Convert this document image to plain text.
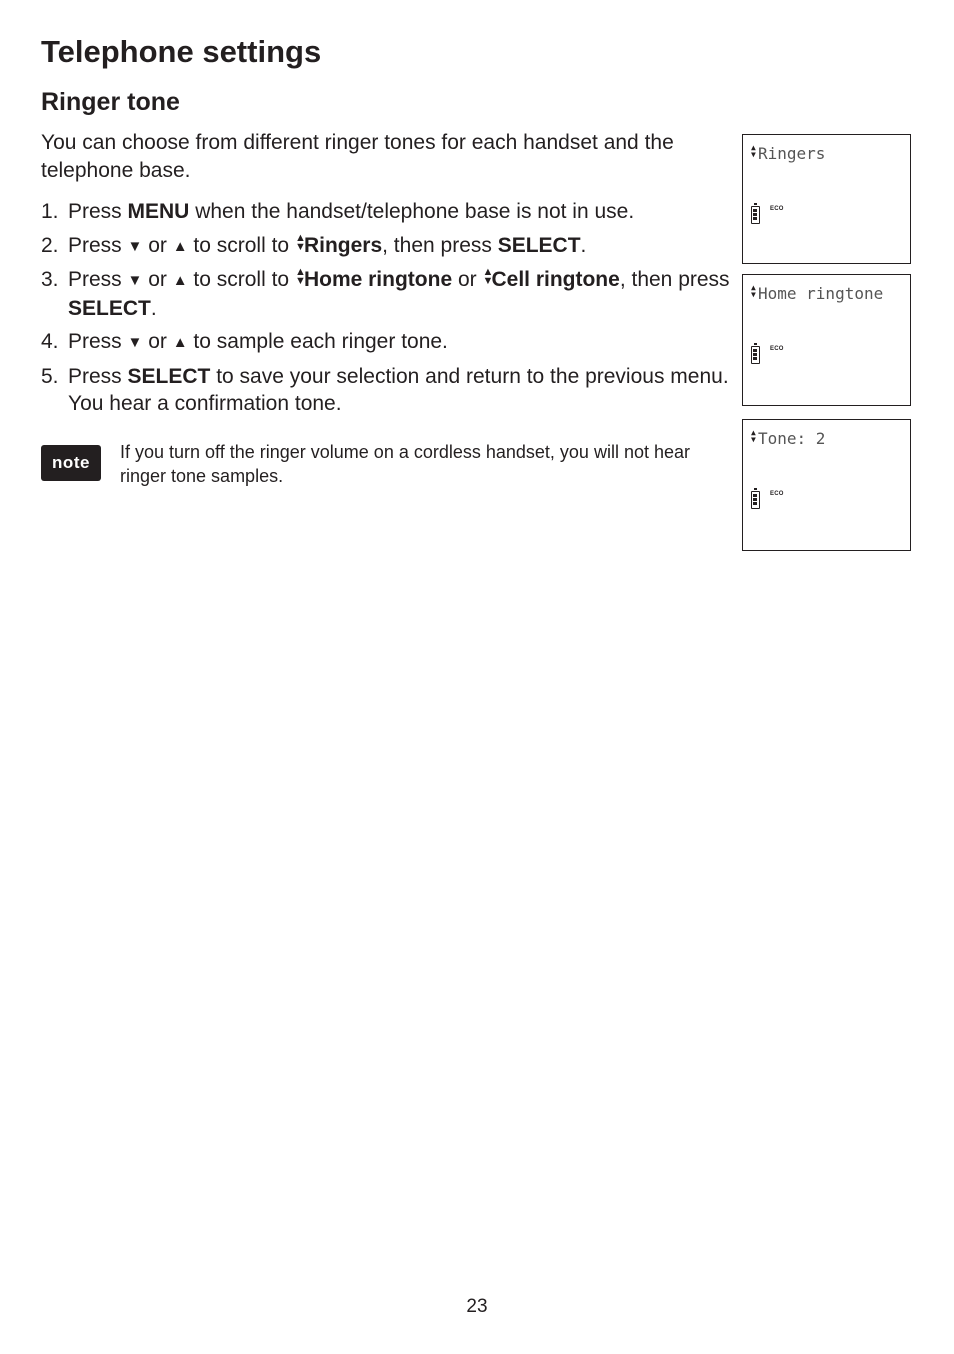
Telephone settings
Ringer tone

You can choose from different ringer tones for each handset and the telephone base.

1. Press MENU when the handset/telephone base is not in use.
2. Press ▼ or ▲ to scroll to ▲
▼
Ringers, then press SELECT.
3. Press ▼ or ▲ to scroll to ▲
▼
Home ringtone or ▲
▼
Cell ringtone, then press SELECT.
4. Press ▼ or ▲ to sample each ringer tone.
5. Press SELECT to save your selection and return to the previous menu. You hear a confirmation tone.
note

If you turn off the ringer volume on a cordless handset, you will not hear ringer tone samples.

▲
▼ Ringers
ECO
▲
▼ Home ringtone
ECO
▲
▼ Tone: 2
ECO
23
